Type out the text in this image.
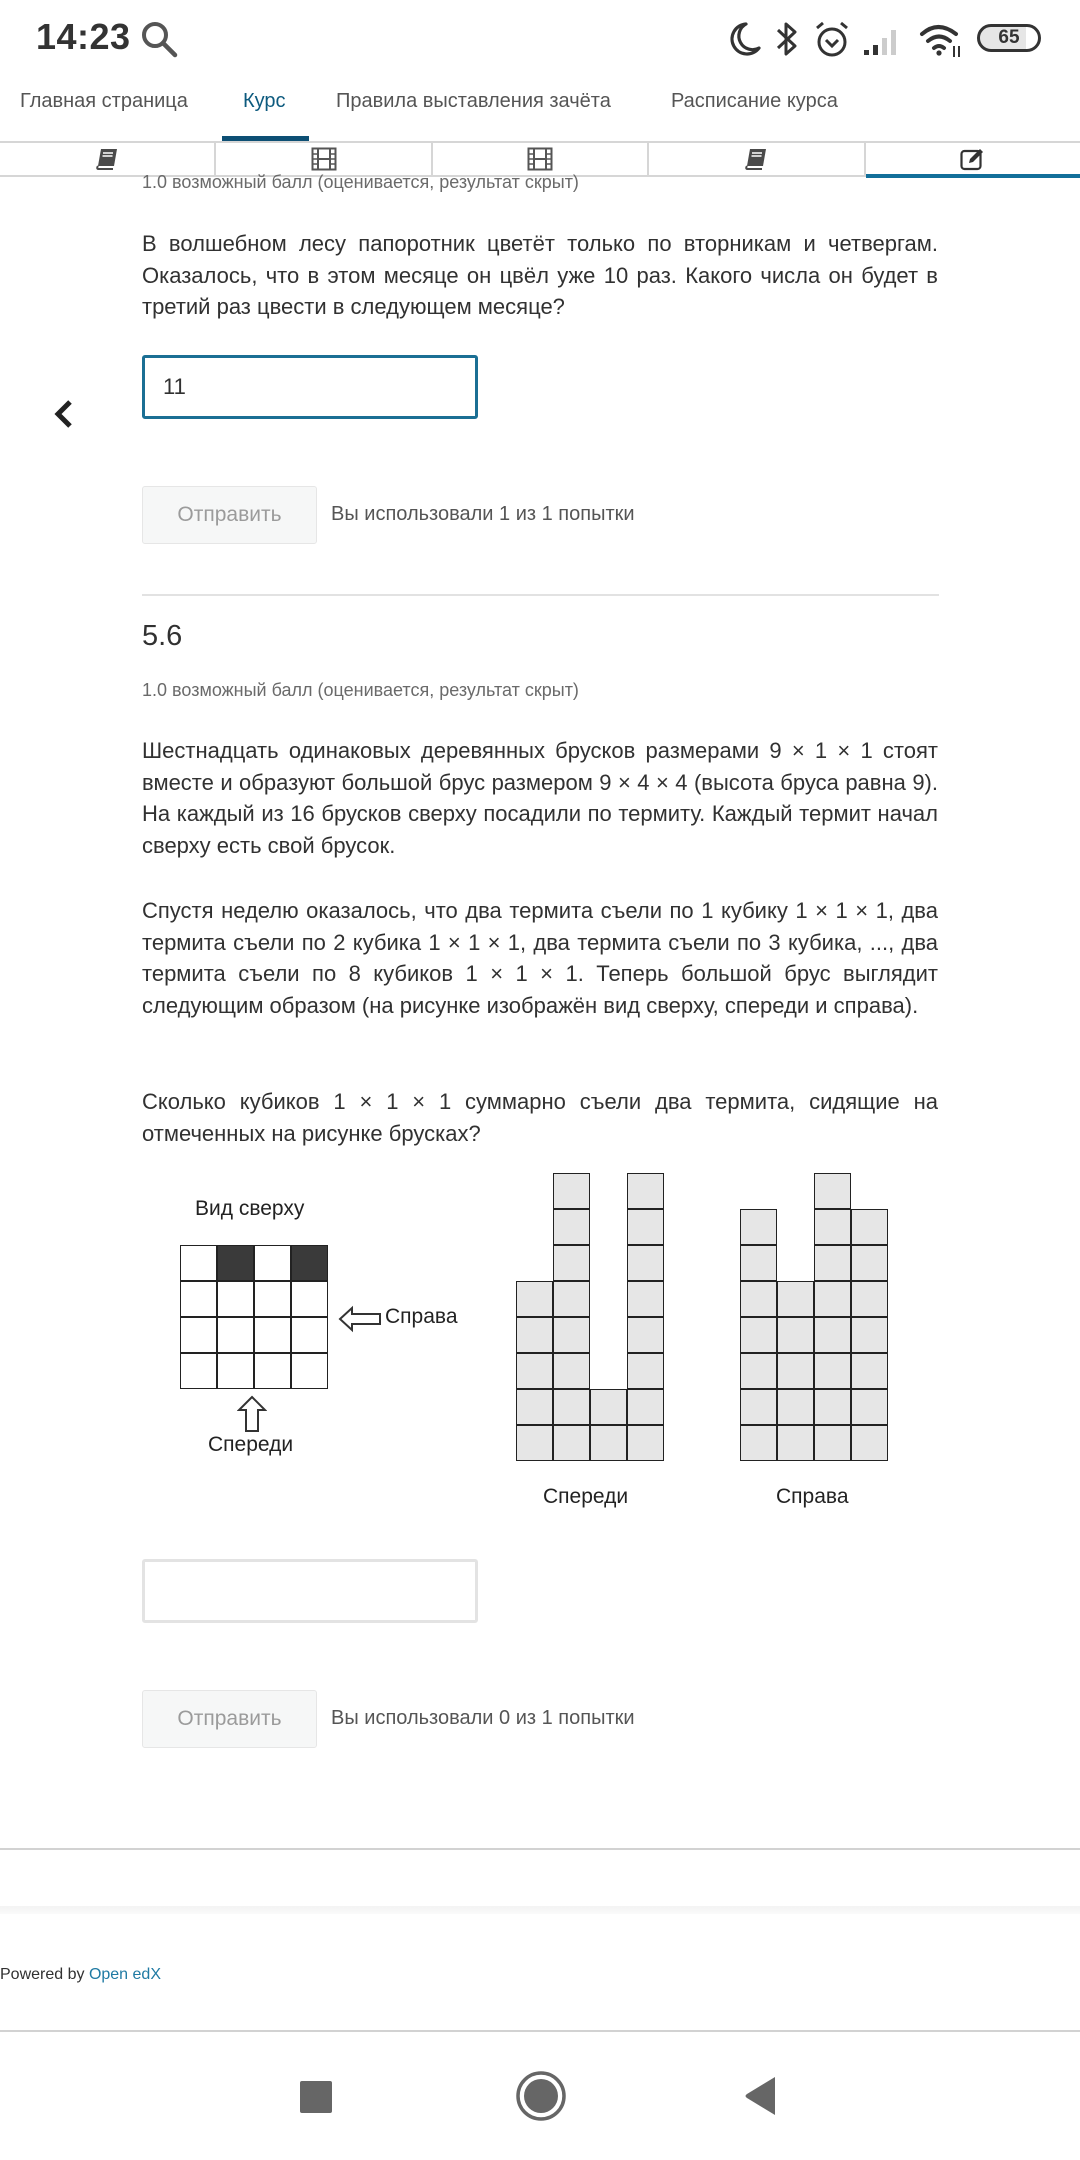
14:23	65
Главная страница	Курс	Правила выставления зачёта	Расписание курса
1.0 возможный балл (оценивается, результат скрыт)
В волшебном лесу папоротник цветёт только по вторникам и четвергам. Оказалось, что в этом месяце он цвёл уже 10 раз. Какого числа он будет в третий раз цвести в следующем месяце?
11
Отправить	Вы использовали 1 из 1 попытки
5.6
1.0 возможный балл (оценивается, результат скрыт)
Шестнадцать одинаковых деревянных брусков размерами 9 × 1 × 1 стоят вместе и образуют большой брус размером 9 × 4 × 4 (высота бруса равна 9). На каждый из 16 брусков сверху посадили по термиту. Каждый термит начал сверху есть свой брусок.
Спустя неделю оказалось, что два термита съели по 1 кубику 1 × 1 × 1, два термита съели по 2 кубика 1 × 1 × 1, два термита съели по 3 кубика, ..., два термита съели по 8 кубиков 1 × 1 × 1. Теперь большой брус выглядит следующим образом (на рисунке изображён вид сверху, спереди и справа).
Сколько кубиков 1 × 1 × 1 суммарно съели два термита, сидящие на отмеченных на рисунке брусках?
Вид сверху
Справа
Спереди
Спереди	Справа
Отправить	Вы использовали 0 из 1 попытки
Powered by Open edX
